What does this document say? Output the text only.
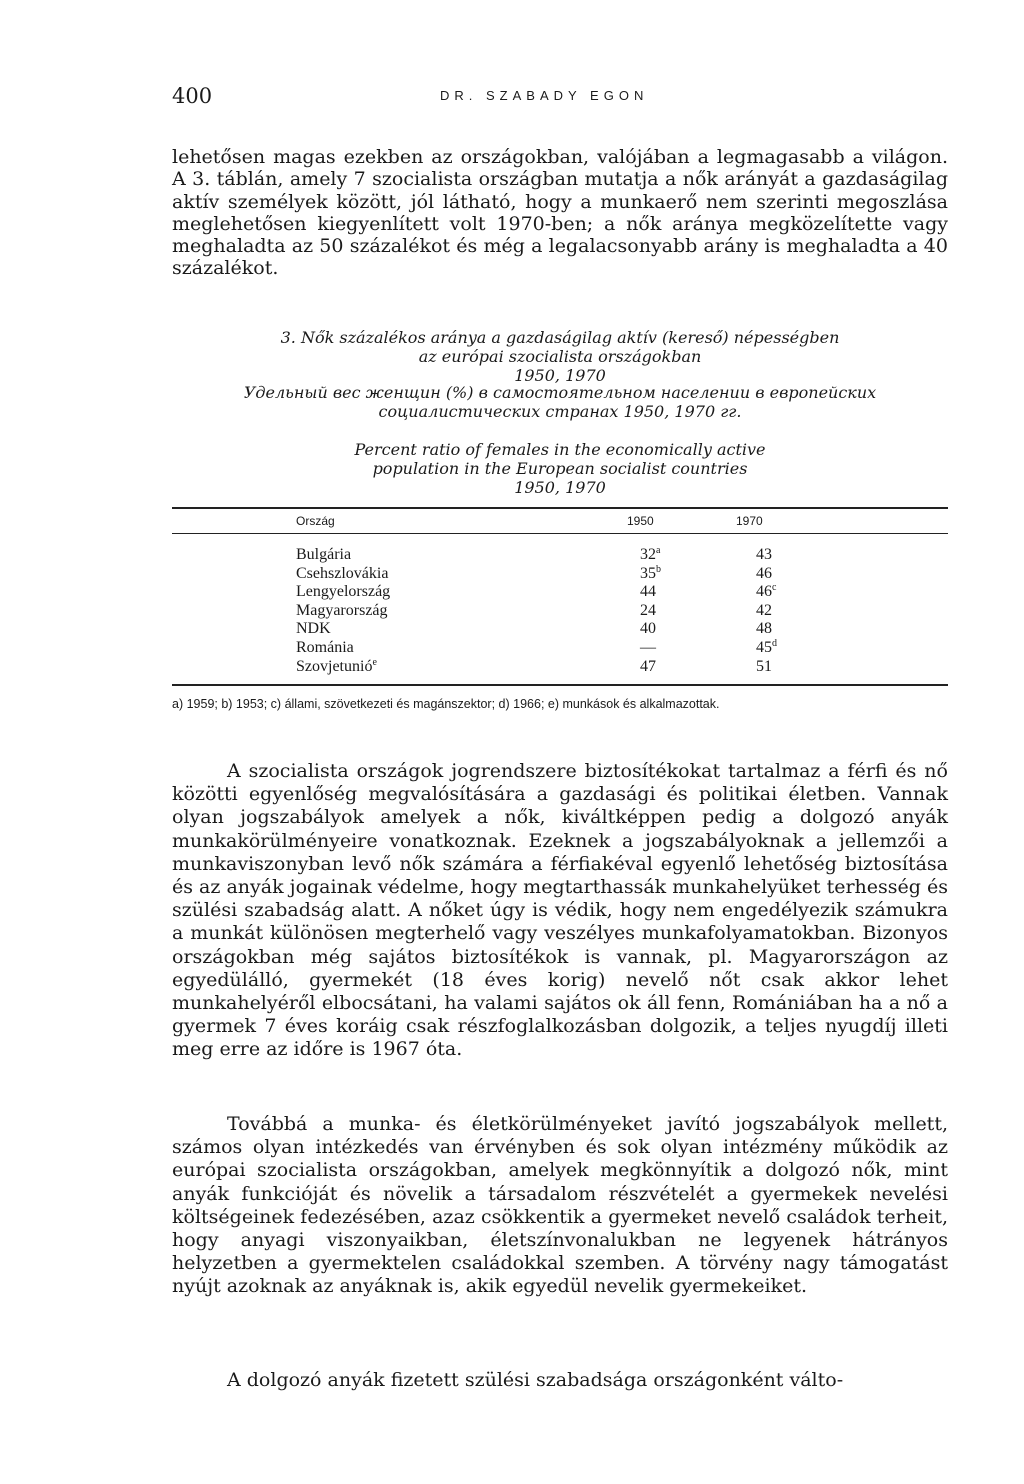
400	DR. SZABADY EGON

lehetősen magas ezekben az országokban, valójában a legmagasabb a világon. A 3. táblán, amely 7 szocialista országban mutatja a nők arányát a gazdaságilag aktív személyek között, jól látható, hogy a munkaerő nem szerinti megoszlása meglehetősen kiegyenlített volt 1970-ben; a nők aránya megközelítette vagy meghaladta az 50 százalékot és még a legalacsonyabb arány is meghaladta a 40 százalékot.

3. Nők százalékos aránya a gazdaságilag aktív (kereső) népességben
az európai szocialista országokban
1950, 1970
Удельный вес женщин (%) в самостоятельном населении в европейских
социалистических странах 1950, 1970 гг.
Percent ratio of females in the economically active
population in the European socialist countries
1950, 1970
Ország	1950	1970
Bulgária	32$^a$	43
Csehszlovákia	35$^b$	46
Lengyelország	44	46$^c$
Magyarország	24	42
NDK	40	48
Románia	—	45$^d$
Szovjetunió$^e$	47	51
a) 1959; b) 1953; c) állami, szövetkezeti és magánszektor; d) 1966; e) munkások és alkalmazottak.

A szocialista országok jogrendszere biztosítékokat tartalmaz a férfi és nő közötti egyenlőség megvalósítására a gazdasági és politikai életben. Vannak olyan jogszabályok amelyek a nők, kiváltképpen pedig a dolgozó anyák munkakörülményeire vonatkoznak. Ezeknek a jogszabályoknak a jellemzői a munkaviszonyban levő nők számára a férfiakéval egyenlő lehetőség biztosítása és az anyák jogainak védelme, hogy megtarthassák munkahelyüket terhesség és szülési szabadság alatt. A nőket úgy is védik, hogy nem engedélyezik számukra a munkát különösen megterhelő vagy veszélyes munkafolyamatokban. Bizonyos országokban még sajátos biztosítékok is vannak, pl. Magyarországon az egyedülálló, gyermekét (18 éves korig) nevelő nőt csak akkor lehet munkahelyéről elbocsátani, ha valami sajátos ok áll fenn, Romániában ha a nő a gyermek 7 éves koráig csak részfoglalkozásban dolgozik, a teljes nyugdíj illeti meg erre az időre is 1967 óta.

Továbbá a munka- és életkörülményeket javító jogszabályok mellett, számos olyan intézkedés van érvényben és sok olyan intézmény működik az európai szocialista országokban, amelyek megkönnyítik a dolgozó nők, mint anyák funkcióját és növelik a társadalom részvételét a gyermekek nevelési költségeinek fedezésében, azaz csökkentik a gyermeket nevelő családok terheit, hogy anyagi viszonyaikban, életszínvonalukban ne legyenek hátrányos helyzetben a gyermektelen családokkal szemben. A törvény nagy támogatást nyújt azoknak az anyáknak is, akik egyedül nevelik gyermekeiket.

A dolgozó anyák fizetett szülési szabadsága országonként válto-
